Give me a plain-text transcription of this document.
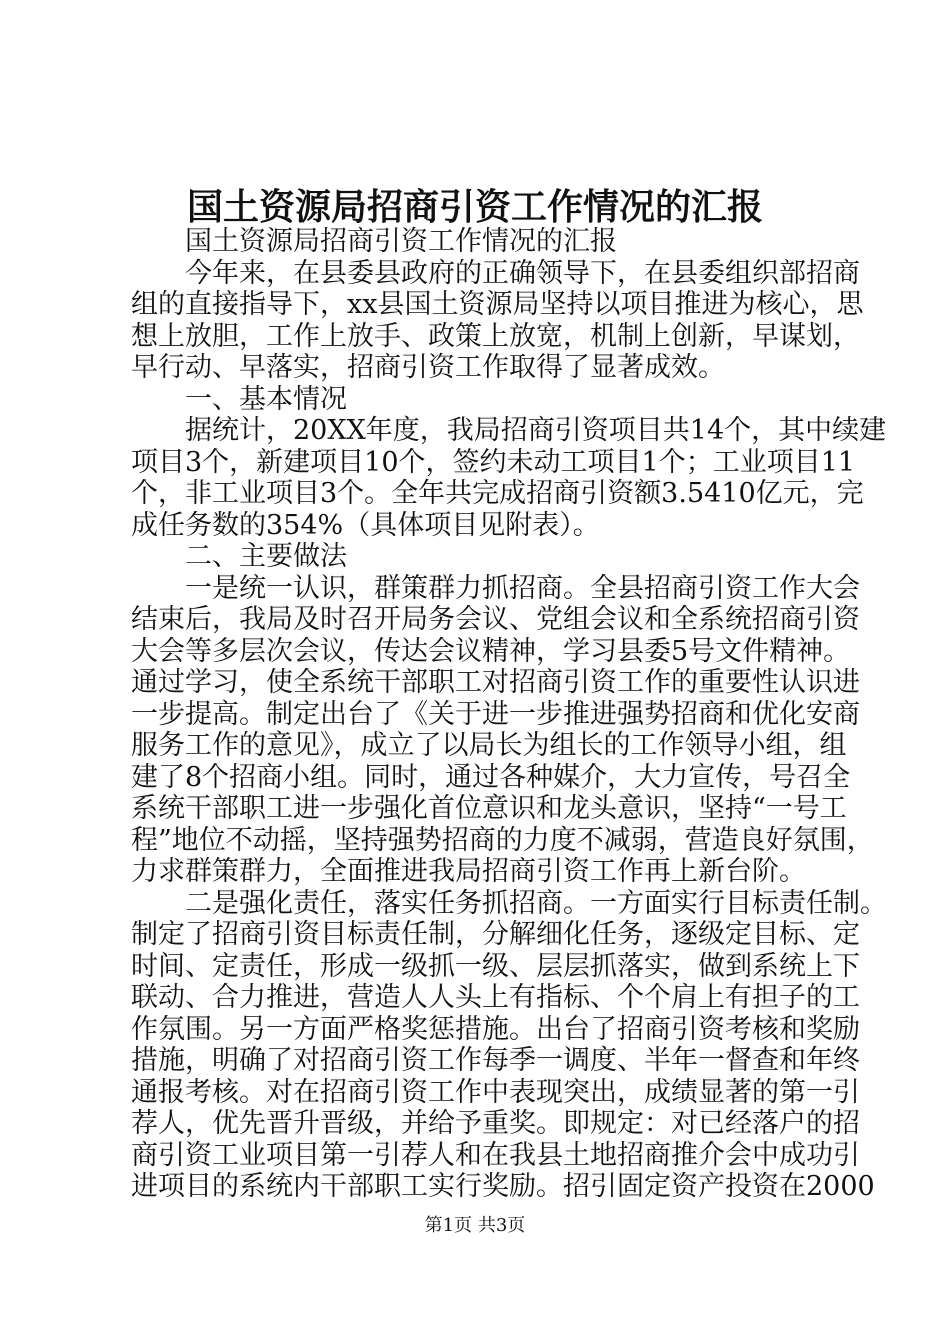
国土资源局招商引资工作情况的汇报
国土资源局招商引资工作情况的汇报
今年来，在县委县政府的正确领导下，在县委组织部招商
组的直接指导下，xx县国土资源局坚持以项目推进为核心，思
想上放胆，工作上放手、政策上放宽，机制上创新，早谋划，
早行动、早落实，招商引资工作取得了显著成效。
一、基本情况
据统计，20XX年度，我局招商引资项目共14个，其中续建
项目3个，新建项目10个，签约未动工项目1个；工业项目11
个，非工业项目3个。全年共完成招商引资额3.5410亿元，完
成任务数的354%（具体项目见附表）。
二、主要做法
一是统一认识，群策群力抓招商。全县招商引资工作大会
结束后，我局及时召开局务会议、党组会议和全系统招商引资
大会等多层次会议，传达会议精神，学习县委5号文件精神。
通过学习，使全系统干部职工对招商引资工作的重要性认识进
一步提高。制定出台了《关于进一步推进强势招商和优化安商
服务工作的意见》，成立了以局长为组长的工作领导小组，组
建了8个招商小组。同时，通过各种媒介，大力宣传，号召全
系统干部职工进一步强化首位意识和龙头意识，坚持“一号工
程”地位不动摇，坚持强势招商的力度不减弱，营造良好氛围，
力求群策群力，全面推进我局招商引资工作再上新台阶。
二是强化责任，落实任务抓招商。一方面实行目标责任制。
制定了招商引资目标责任制，分解细化任务，逐级定目标、定
时间、定责任，形成一级抓一级、层层抓落实，做到系统上下
联动、合力推进，营造人人头上有指标、个个肩上有担子的工
作氛围。另一方面严格奖惩措施。出台了招商引资考核和奖励
措施，明确了对招商引资工作每季一调度、半年一督查和年终
通报考核。对在招商引资工作中表现突出，成绩显著的第一引
荐人，优先晋升晋级，并给予重奖。即规定：对已经落户的招
商引资工业项目第一引荐人和在我县土地招商推介会中成功引
进项目的系统内干部职工实行奖励。招引固定资产投资在2000
第1页 共3页
